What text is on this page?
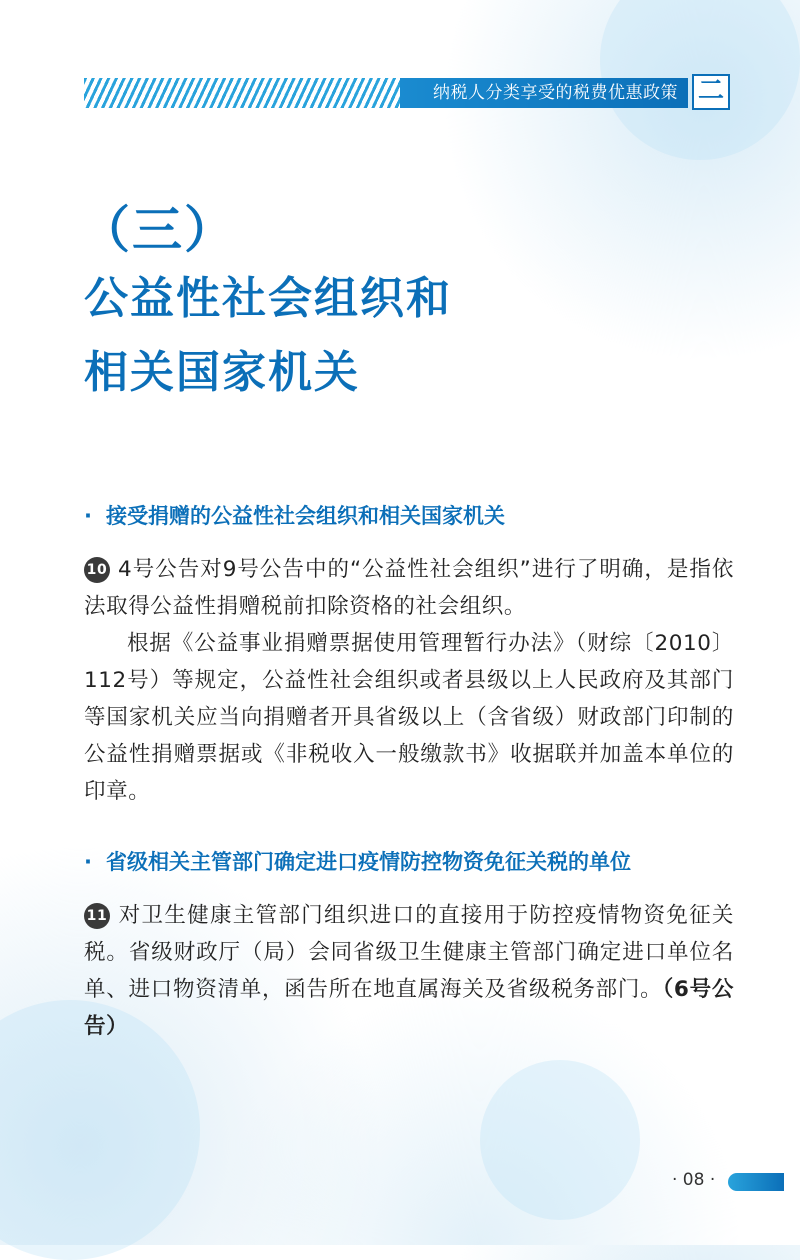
纳税人分类享受的税费优惠政策 二
（三）
公益性社会组织和
相关国家机关
· 接受捐赠的公益性社会组织和相关国家机关
10 4号公告对9号公告中的“公益性社会组织”进行了明确，是指依法取得公益性捐赠税前扣除资格的社会组织。
根据《公益事业捐赠票据使用管理暂行办法》（财综〔2010〕112号）等规定，公益性社会组织或者县级以上人民政府及其部门等国家机关应当向捐赠者开具省级以上（含省级）财政部门印制的公益性捐赠票据或《非税收入一般缴款书》收据联并加盖本单位的印章。
· 省级相关主管部门确定进口疫情防控物资免征关税的单位
11 对卫生健康主管部门组织进口的直接用于防控疫情物资免征关税。省级财政厅（局）会同省级卫生健康主管部门确定进口单位名单、进口物资清单，函告所在地直属海关及省级税务部门。（6号公告）
· 08 ·
